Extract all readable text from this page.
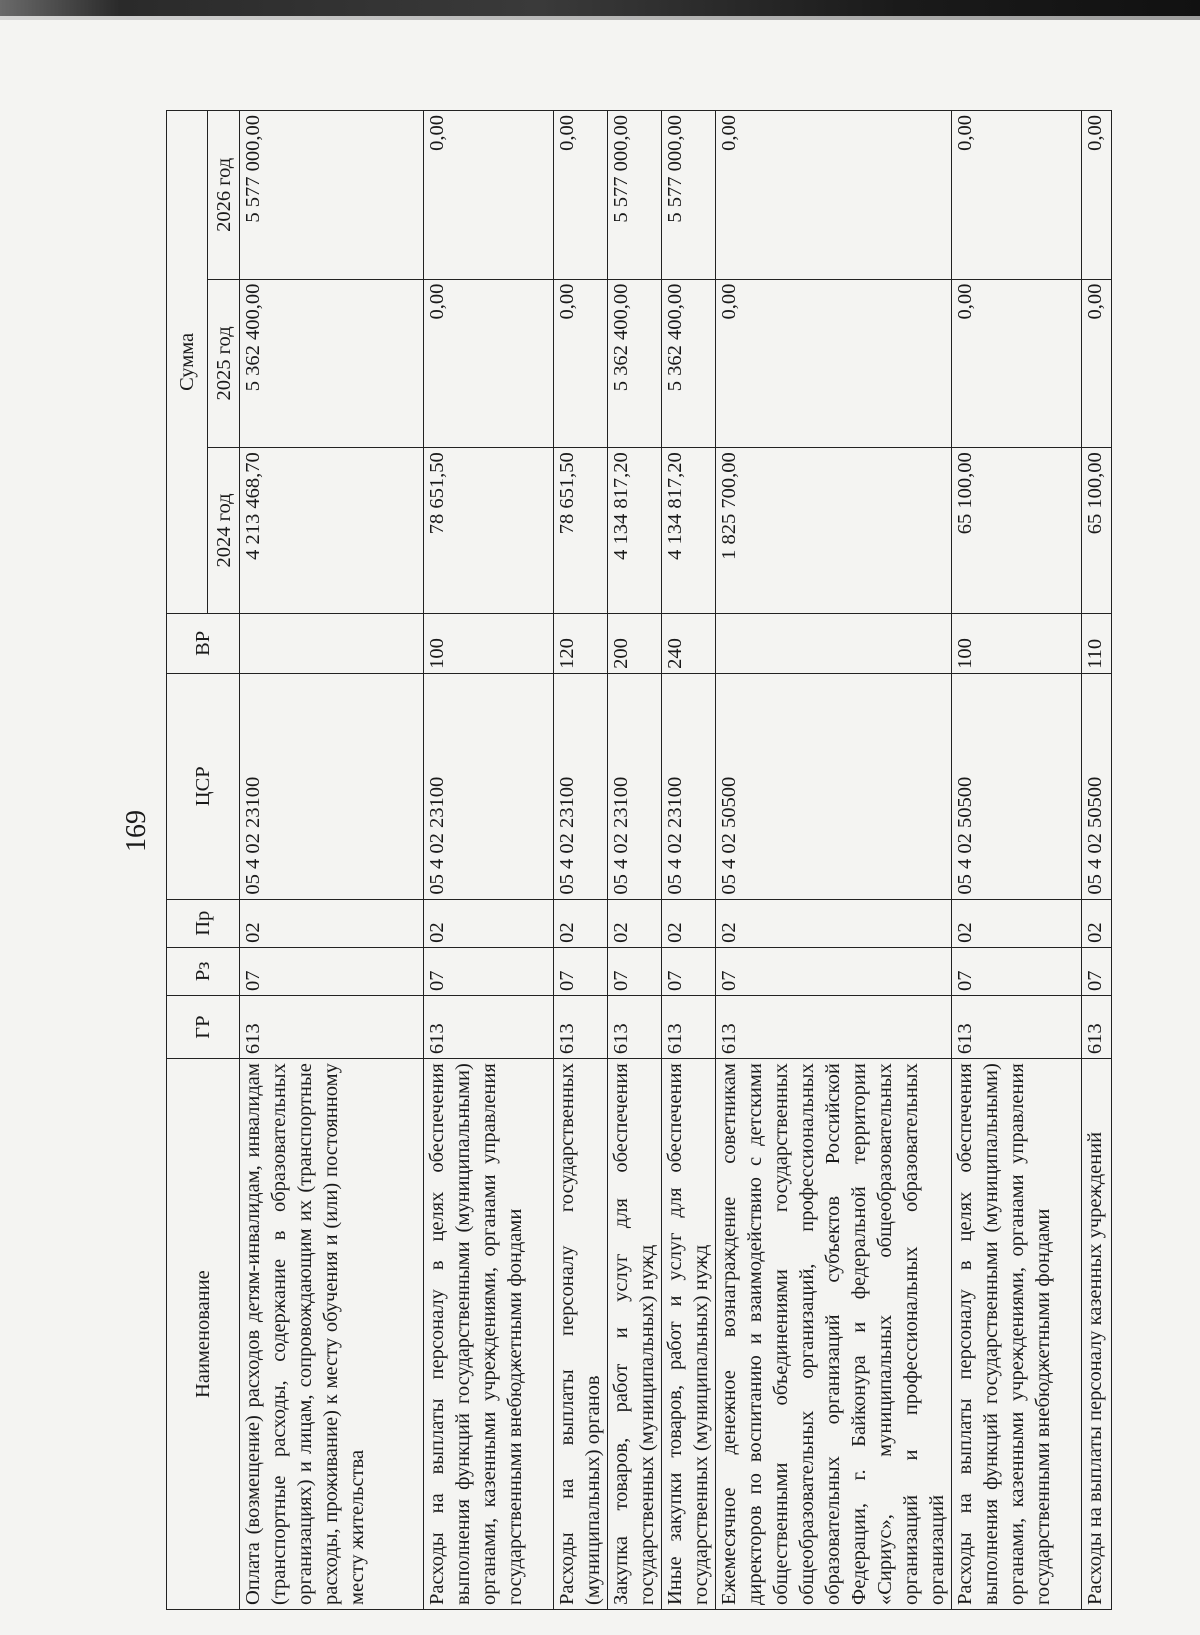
169
Наименование	ГР	Рз	Пр	ЦСР	ВР	Сумма		
						2024 год	2025 год	2026 год
Оплата (возмещение) расходов детям-инвалидам, инвалидам (транспортные расходы, содержание в образовательных организациях) и лицам, сопровождающим их (транспортные расходы, проживание) к месту обучения и (или) постоянному месту жительства	613	07	02	05 4 02 23100		4 213 468,70	5 362 400,00	5 577 000,00
Расходы на выплаты персоналу в целях обеспечения выполнения функций государственными (муниципальными) органами, казенными учреждениями, органами управления государственными внебюджетными фондами	613	07	02	05 4 02 23100	100	78 651,50	0,00	0,00
Расходы на выплаты персоналу государственных (муниципальных) органов	613	07	02	05 4 02 23100	120	78 651,50	0,00	0,00
Закупка товаров, работ и услуг для обеспечения государственных (муниципальных) нужд	613	07	02	05 4 02 23100	200	4 134 817,20	5 362 400,00	5 577 000,00
Иные закупки товаров, работ и услуг для обеспечения государственных (муниципальных) нужд	613	07	02	05 4 02 23100	240	4 134 817,20	5 362 400,00	5 577 000,00
Ежемесячное денежное вознаграждение советникам директоров по воспитанию и взаимодействию с детскими общественными объединениями государственных общеобразовательных организаций, профессиональных образовательных организаций субъектов Российской Федерации, г. Байконура и федеральной территории «Сириус», муниципальных общеобразовательных организаций и профессиональных образовательных организаций	613	07	02	05 4 02 50500		1 825 700,00	0,00	0,00
Расходы на выплаты персоналу в целях обеспечения выполнения функций государственными (муниципальными) органами, казенными учреждениями, органами управления государственными внебюджетными фондами	613	07	02	05 4 02 50500	100	65 100,00	0,00	0,00
Расходы на выплаты персоналу казенных учреждений	613	07	02	05 4 02 50500	110	65 100,00	0,00	0,00
